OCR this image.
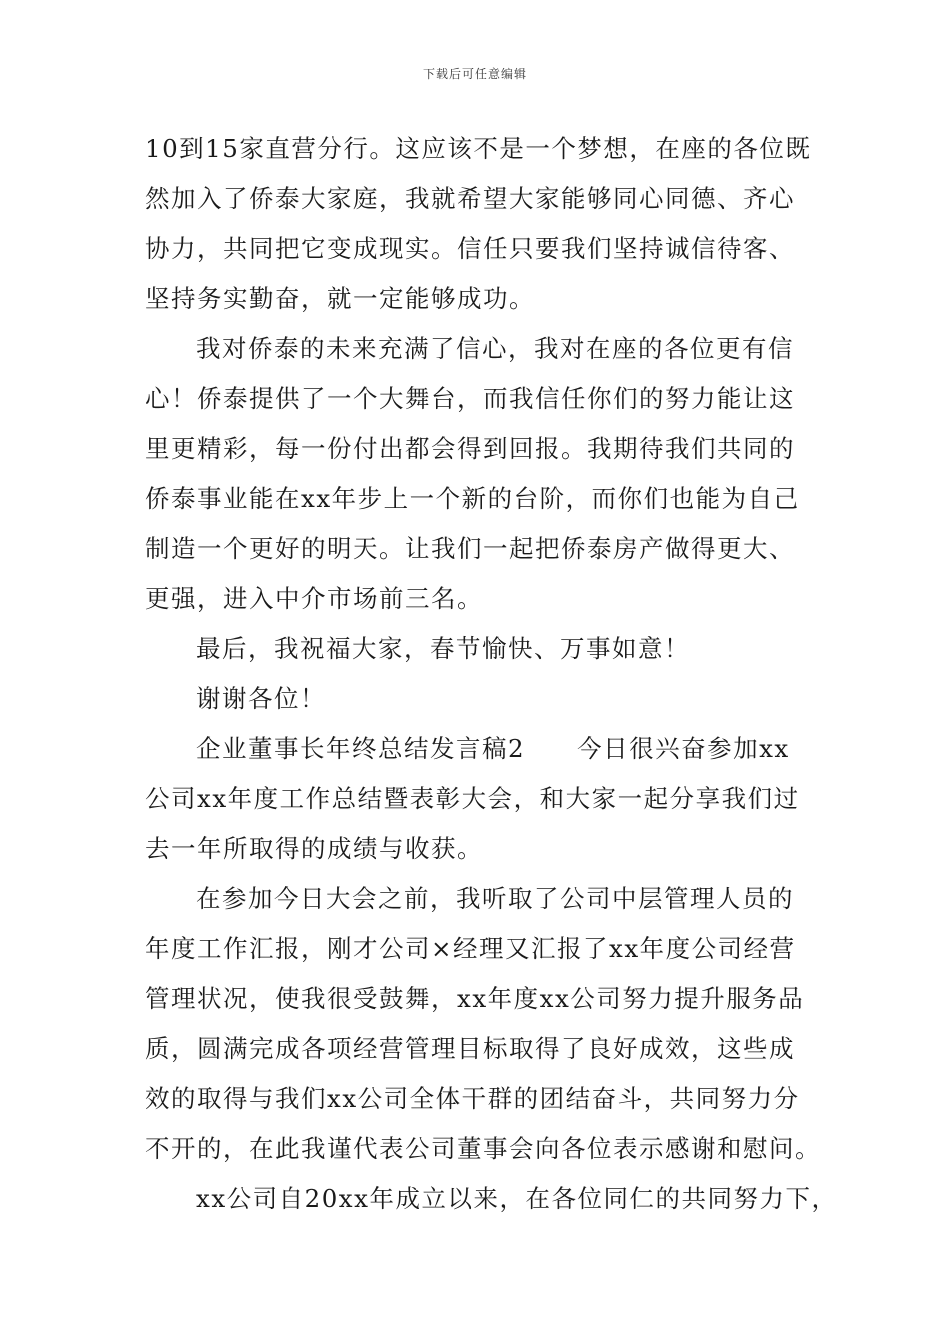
下载后可任意编辑
10到15家直营分行。这应该不是一个梦想，在座的各位既
然加入了侨泰大家庭，我就希望大家能够同心同德、齐心
协力，共同把它变成现实。信任只要我们坚持诚信待客、
坚持务实勤奋，就一定能够成功。
我对侨泰的未来充满了信心，我对在座的各位更有信
心！侨泰提供了一个大舞台，而我信任你们的努力能让这
里更精彩，每一份付出都会得到回报。我期待我们共同的
侨泰事业能在xx年步上一个新的台阶，而你们也能为自己
制造一个更好的明天。让我们一起把侨泰房产做得更大、
更强，进入中介市场前三名。
最后，我祝福大家，春节愉快、万事如意！
谢谢各位！
企业董事长年终总结发言稿2　　今日很兴奋参加xx
公司xx年度工作总结暨表彰大会，和大家一起分享我们过
去一年所取得的成绩与收获。
在参加今日大会之前，我听取了公司中层管理人员的
年度工作汇报，刚才公司×经理又汇报了xx年度公司经营
管理状况，使我很受鼓舞，xx年度xx公司努力提升服务品
质，圆满完成各项经营管理目标取得了良好成效，这些成
效的取得与我们xx公司全体干群的团结奋斗，共同努力分
不开的，在此我谨代表公司董事会向各位表示感谢和慰问。
xx公司自20xx年成立以来，在各位同仁的共同努力下，
